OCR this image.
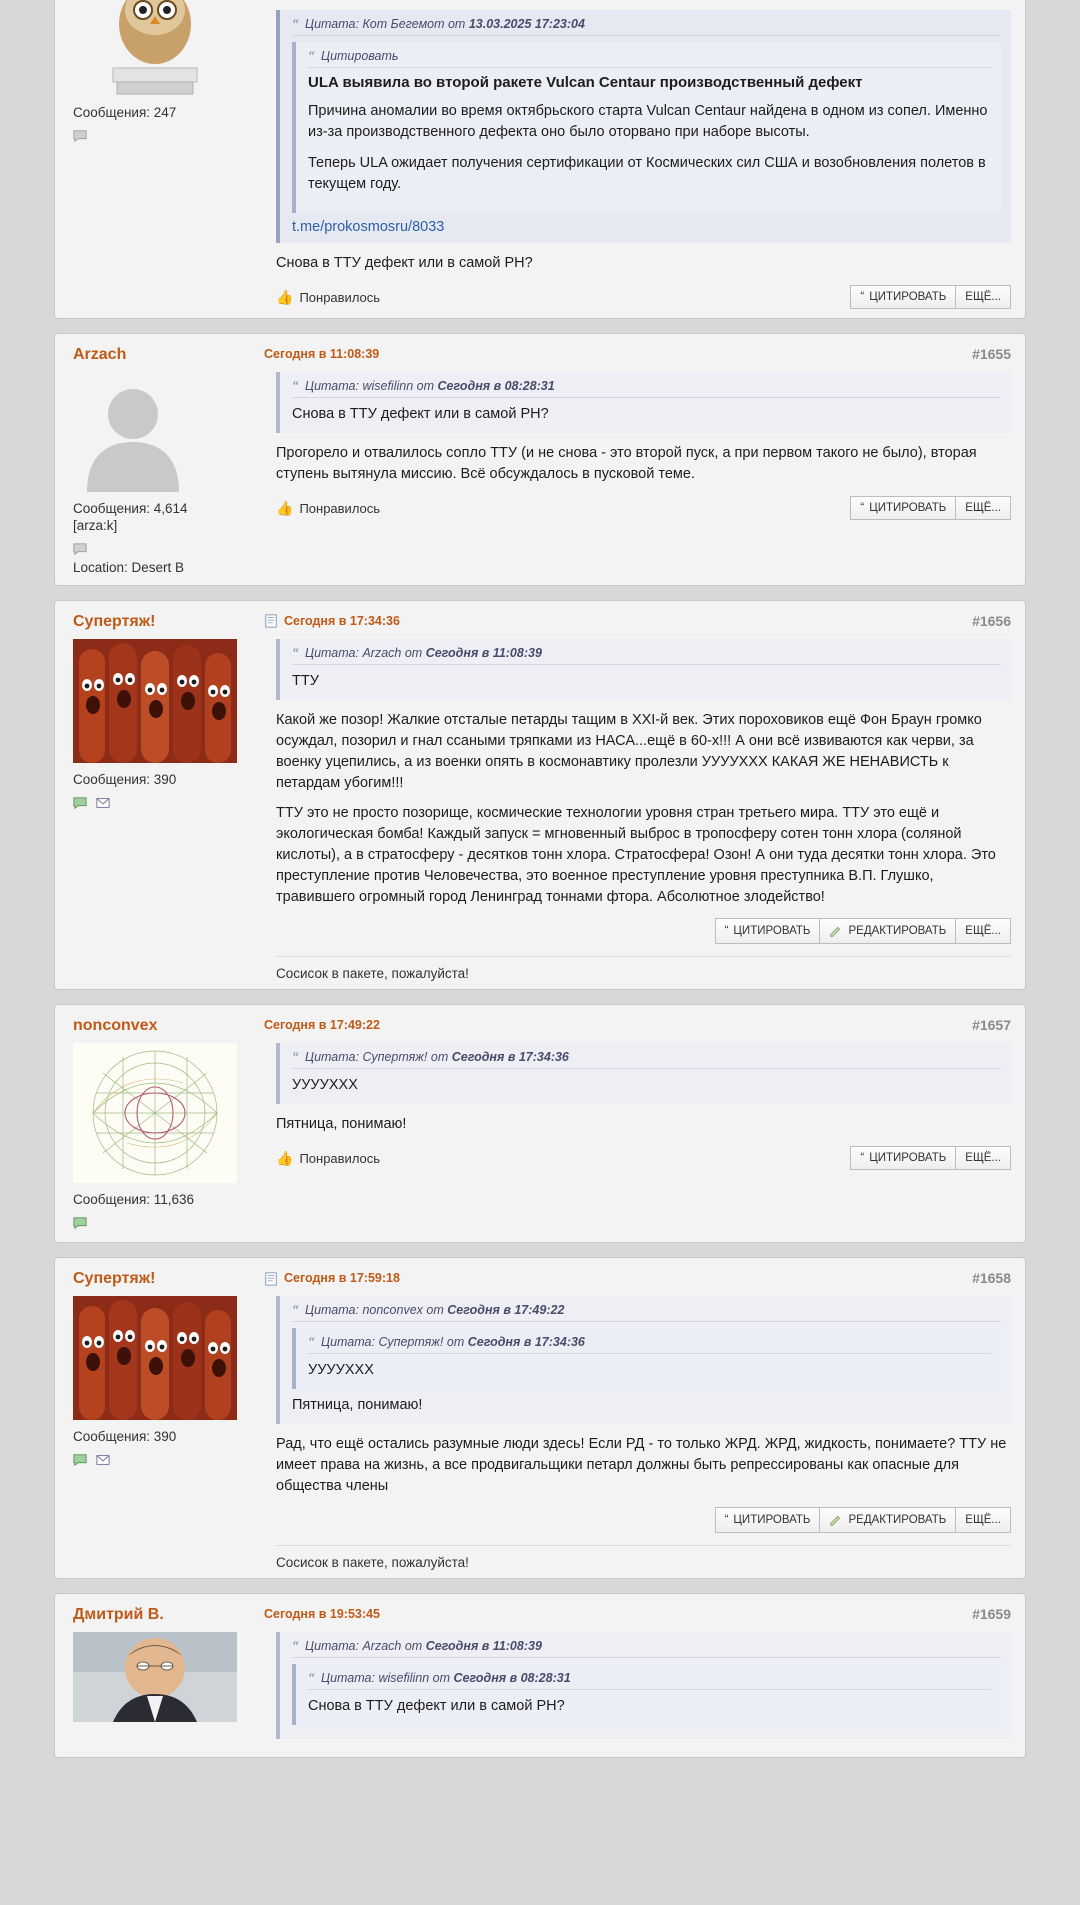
Сообщения: 247
“ Цитата: Кот Бегемот от 13.03.2025 17:23:04
“ Цитировать
ULA выявила во второй ракете Vulcan Centaur производственный дефект
Причина аномалии во время октябрьского старта Vulcan Centaur найдена в одном из сопел. Именно из-за производственного дефекта оно было оторвано при наборе высоты.
Теперь ULA ожидает получения сертификации от Космических сил США и возобновления полетов в текущем году.
t.me/prokosmosru/8033

Снова в ТТУ дефект или в самой РН?

👍 Понравилось	“ ЦИТИРОВАТЬ ЕЩЁ...
Arzach
Сообщения: 4,614
[arza:k]
Location: Desert B
Сегодня в 11:08:39	#1655
“ Цитата: wisefilinn от Сегодня в 08:28:31
Снова в ТТУ дефект или в самой РН?

Прогорело и отвалилось сопло ТТУ (и не снова - это второй пуск, а при первом такого не было), вторая ступень вытянула миссию. Всё обсуждалось в пусковой теме.

👍 Понравилось	“ ЦИТИРОВАТЬ ЕЩЁ...
Супертяж!
Сообщения: 390
Сегодня в 17:34:36	#1656
“ Цитата: Arzach от Сегодня в 11:08:39
ТТУ

Какой же позор! Жалкие отсталые петарды тащим в XXI-й век. Этих пороховиков ещё Фон Браун громко осуждал, позорил и гнал ссаными тряпками из НАСА...ещё в 60-х!!! А они всё извиваются как черви, за военку уцепились, а из военки опять в космонавтику пролезли УУУУХХХ КАКАЯ ЖЕ НЕНАВИСТЬ к петардам убогим!!!

ТТУ это не просто позорище, космические технологии уровня стран третьего мира. ТТУ это ещё и экологическая бомба! Каждый запуск = мгновенный выброс в тропосферу сотен тонн хлора (соляной кислоты), а в стратосферу - десятков тонн хлора. Стратосфера! Озон! А они туда десятки тонн хлора. Это преступление против Человечества, это военное преступление уровня преступника В.П. Глушко, травившего огромный город Ленинград тоннами фтора. Абсолютное злодейство!

“ ЦИТИРОВАТЬ	РЕДАКТИРОВАТЬ ЕЩЁ...
Сосисок в пакете, пожалуйста!
nonconvex
Сообщения: 11,636
Сегодня в 17:49:22	#1657
“ Цитата: Супертяж! от Сегодня в 17:34:36
УУУУХХХ

Пятница, понимаю!

👍 Понравилось	“ ЦИТИРОВАТЬ ЕЩЁ...
Супертяж!
Сообщения: 390
Сегодня в 17:59:18	#1658
“ Цитата: nonconvex от Сегодня в 17:49:22
“ Цитата: Супертяж! от Сегодня в 17:34:36
УУУУХХХ
Пятница, понимаю!

Рад, что ещё остались разумные люди здесь! Если РД - то только ЖРД. ЖРД, жидкость, понимаете? ТТУ не имеет права на жизнь, а все продвигальщики петарл должны быть репрессированы как опасные для общества члены

“ ЦИТИРОВАТЬ	РЕДАКТИРОВАТЬ ЕЩЁ...
Сосисок в пакете, пожалуйста!
Дмитрий В.	Сегодня в 19:53:45	#1659
“ Цитата: Arzach от Сегодня в 11:08:39
“ Цитата: wisefilinn от Сегодня в 08:28:31
Снова в ТТУ дефект или в самой РН?
